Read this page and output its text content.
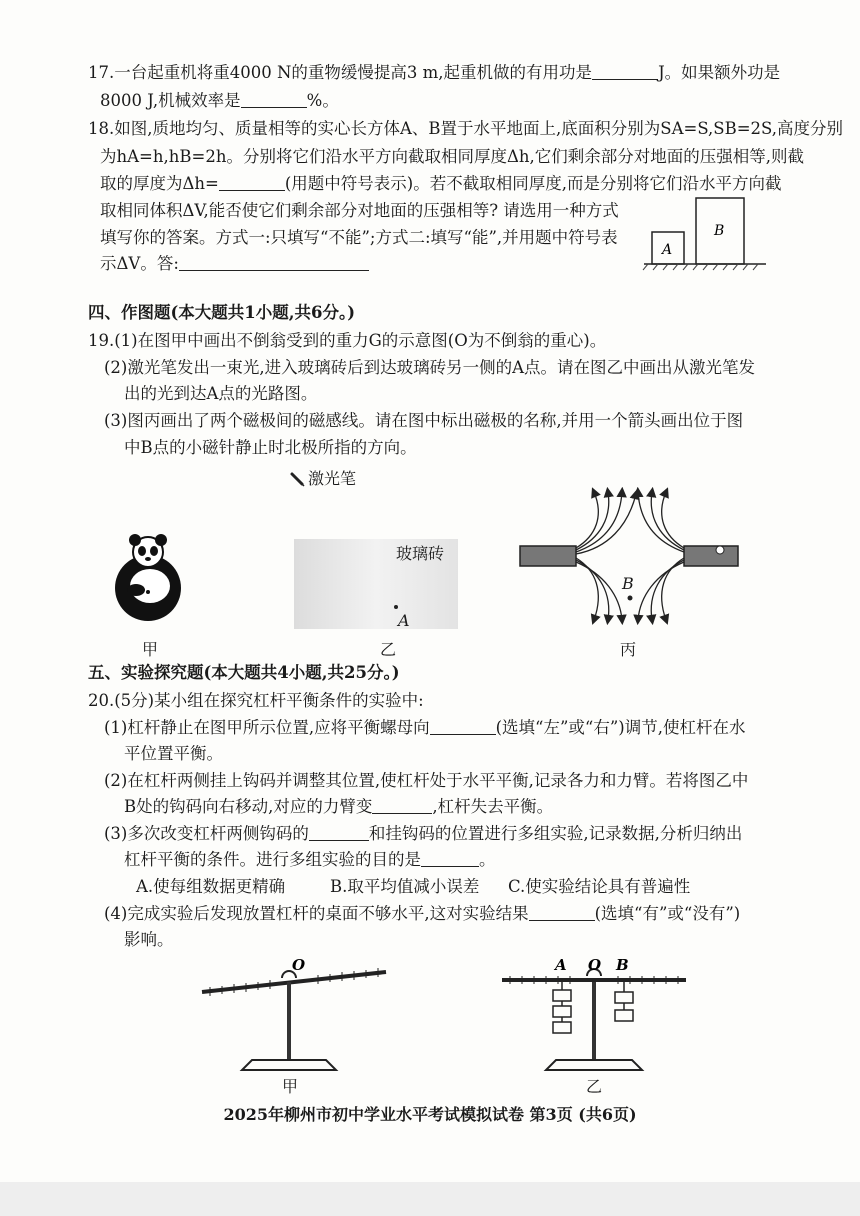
17.一台起重机将重4000 N的重物缓慢提高3 m,起重机做的有用功是	J。如果额外功是
8000 J,机械效率是	%。
18.如图,质地均匀、质量相等的实心长方体A、B置于水平地面上,底面积分别为SA=S,SB=2S,高度分别
为hA=h,hB=2h。分别将它们沿水平方向截取相同厚度Δh,它们剩余部分对地面的压强相等,则截
取的厚度为Δh=	(用题中符号表示)。若不截取相同厚度,而是分别将它们沿水平方向截
取相同体积ΔV,能否使它们剩余部分对地面的压强相等? 请选用一种方式
填写你的答案。方式一:只填写“不能”;方式二:填写“能”,并用题中符号表
示ΔV。答:
A
B
四、作图题(本大题共1小题,共6分。)
19.(1)在图甲中画出不倒翁受到的重力G的示意图(O为不倒翁的重心)。
(2)激光笔发出一束光,进入玻璃砖后到达玻璃砖另一侧的A点。请在图乙中画出从激光笔发
出的光到达A点的光路图。
(3)图丙画出了两个磁极间的磁感线。请在图中标出磁极的名称,并用一个箭头画出位于图
中B点的小磁针静止时北极所指的方向。
甲
激光笔
玻璃砖
A
乙
B
丙
五、实验探究题(本大题共4小题,共25分。)
20.(5分)某小组在探究杠杆平衡条件的实验中:
(1)杠杆静止在图甲所示位置,应将平衡螺母向	(选填“左”或“右”)调节,使杠杆在水
平位置平衡。
(2)在杠杆两侧挂上钩码并调整其位置,使杠杆处于水平平衡,记录各力和力臂。若将图乙中
B处的钩码向右移动,对应的力臂变	,杠杆失去平衡。
(3)多次改变杠杆两侧钩码的	和挂钩码的位置进行多组实验,记录数据,分析归纳出
杠杆平衡的条件。进行多组实验的目的是	。
A.使每组数据更精确	B.取平均值减小误差 C.使实验结论具有普遍性
(4)完成实验后发现放置杠杆的桌面不够水平,这对实验结果	(选填“有”或“没有”)
影响。
O
甲
A O B
乙
2025年柳州市初中学业水平考试模拟试卷 第3页 (共6页)
